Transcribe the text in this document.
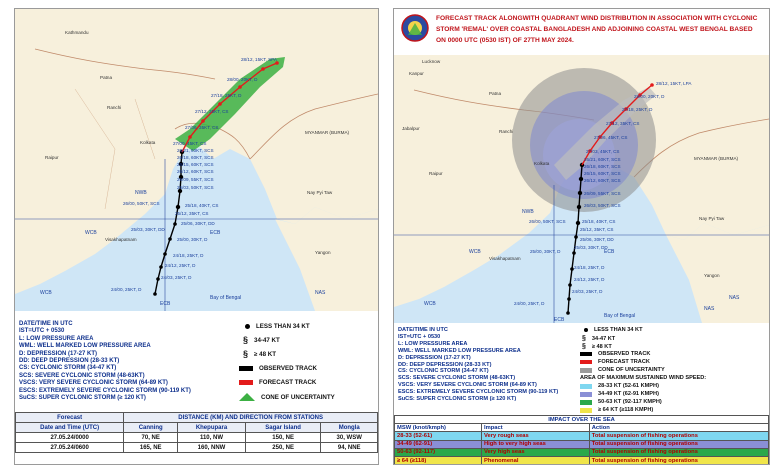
Kathmandu
Patna
Ranchi
Kolkata
Raipur
Visakhapatnam
Yangon
Nay Pyi Taw
MYANMAR (BURMA)
Bay of Bengal
NWB
WCB	ECB
NAS
WCB
ECB
28/12, 15KT, SPA
28/00, 20KT, D
27/18, 25KT, D
27/12, 35KT, CS
27/06, 35KT, CS
27/00, 45KT, CS
26/21, 60KT, SCS
26/18, 60KT, SCS
26/15, 60KT, SCS
26/12, 60KT, SCS
26/09, 55KT, SCS
26/03, 50KT, SCS
26/00, 50KT, SCS	25/18, 40KT, CS
25/12, 35KT, CS
25/06, 30KT, DD
25/03, 30KT, DD
25/00, 30KT, D
24/18, 25KT, D
24/12, 25KT, D
24/03, 25KT, D
24/00, 25KT, D
DATE/TIME IN UTC
IST=UTC + 0530
L: LOW PRESSURE AREA
WML: WELL MARKED LOW PRESSURE AREA
D: DEPRESSION (17-27 KT)
DD: DEEP DEPRESSION (28-33 KT)
CS: CYCLONIC STORM (34-47 KT)
SCS: SEVERE CYCLONIC STORM (48-63KT)
VSCS: VERY SEVERE CYCLONIC STORM (64-89 KT)
ESCS: EXTREMELY SEVERE CYCLONIC STORM (90-119 KT)
SuCS: SUPER CYCLONIC STORM (≥ 120 KT)
LESS THAN 34 KT
§ 34-47 KT
§ ≥ 48 KT
OBSERVED TRACK
FORECAST TRACK
CONE OF UNCERTAINTY
Forecast	DISTANCE (KM) AND DIRECTION FROM STATIONS			
Date and Time (UTC)	Canning	Khepupara	Sagar Island	Mongla
27.05.24/0000	70, NE	110, NW	150, NE	30, WSW
27.05.24/0600	165, NE	160, NNW	250, NE	94, NNE
FORECAST TRACK ALONGWITH QUADRANT WIND DISTRIBUTION IN ASSOCIATION WITH CYCLONIC STORM 'REMAL' OVER COASTAL BANGLADESH AND ADJOINING COASTAL WEST BENGAL BASED ON 0000 UTC (0530 IST) OF 27TH MAY 2024.
Kanpur
Lucknow
Patna
Ranchi
Kolkata
Jabalpur
Raipur
Visakhapatnam
Yangon
Nay Pyi Taw
MYANMAR (BURMA)
Bay of Bengal
NWB
WCB	ECB
NAS
WCB
ECB
NAS
28/12, 15KT, LPA
28/00, 20KT, D
27/18, 25KT, D
27/12, 35KT, CS
27/06, 45KT, CS
27/03, 45KT, CS
26/21, 60KT, SCS
26/18, 60KT, SCS
26/15, 60KT, SCS
26/12, 60KT, SCS
26/09, 55KT, SCS
26/03, 50KT, SCS
26/00, 50KT, SCS	25/18, 40KT, CS
25/12, 35KT, CS
25/06, 30KT, DD
25/03, 30KT, DD
25/00, 30KT, D
24/18, 25KT, D
24/12, 25KT, D
24/03, 25KT, D
24/00, 25KT, D
DATE/TIME IN UTC
IST=UTC + 0530
L: LOW PRESSURE AREA
WML: WELL MARKED LOW PRESSURE AREA
D: DEPRESSION (17-27 KT)
DD: DEEP DEPRESSION (28-33 KT)
CS: CYCLONIC STORM (34-47 KT)
SCS: SEVERE CYCLONIC STORM (48-63KT)
VSCS: VERY SEVERE CYCLONIC STORM (64-89 KT)
ESCS: EXTREMELY SEVERE CYCLONIC STORM (90-119 KT)
SuCS: SUPER CYCLONIC STORM (≥ 120 KT)
LESS THAN 34 KT
§ 34-47 KT
§ ≥ 48 KT
OBSERVED TRACK
FORECAST TRACK
CONE OF UNCERTAINTY
AREA OF MAXIMUM SUSTAINED WIND SPEED:
28-33 KT (52-61 KMPH)
34-49 KT (62-91 KMPH)
50-63 KT (92-117 KMPH)
≥ 64 KT (≥118 KMPH)
IMPACT OVER THE SEA		
MSW (knot/kmph)	Impact	Action
28-33 (52-61)	Very rough seas	Total suspension of fishing operations
34-49 (62-91)	High to very high seas	Total suspension of fishing operations
50-63 (92-117)	Very high seas	Total suspension of fishing operations
≥ 64 (≥118)	Phenomenal	Total suspension of fishing operations
